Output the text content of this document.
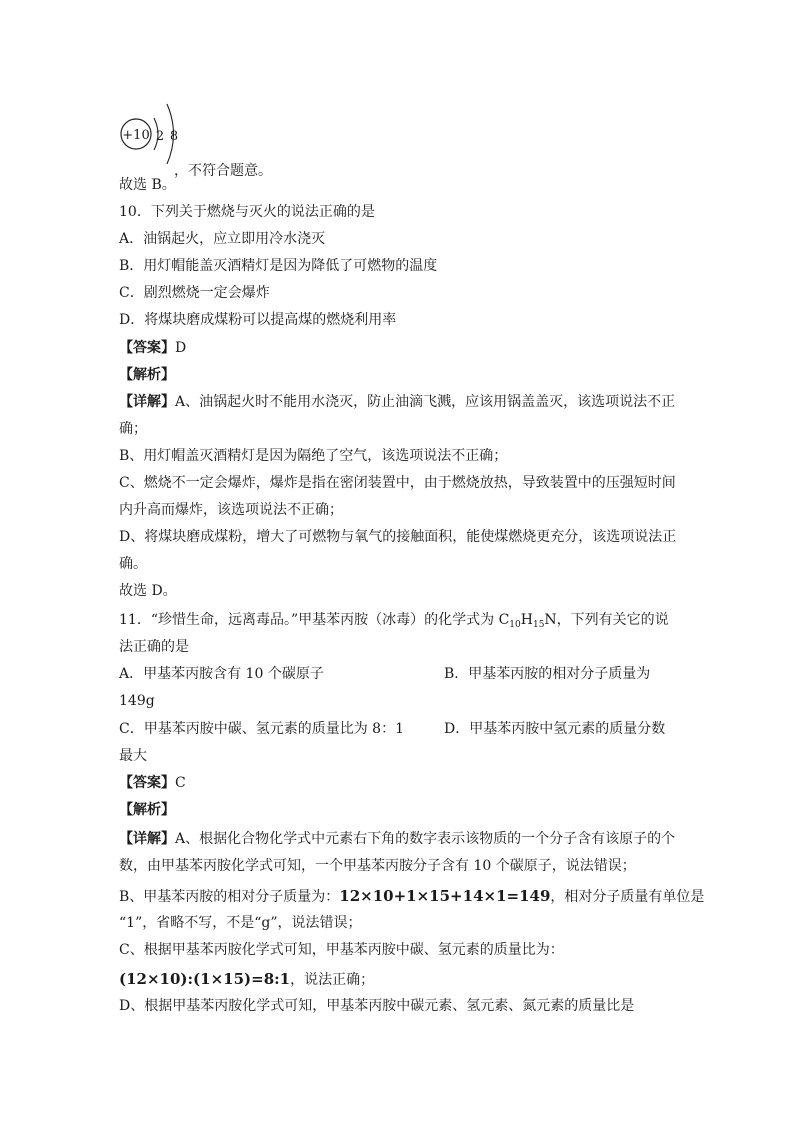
+10 2 8
，不符合题意。
故选 B。
10．下列关于燃烧与灭火的说法正确的是
A．油锅起火，应立即用冷水浇灭
B．用灯帽能盖灭酒精灯是因为降低了可燃物的温度
C．剧烈燃烧一定会爆炸
D．将煤块磨成煤粉可以提高煤的燃烧利用率
【答案】D
【解析】
【详解】A、油锅起火时不能用水浇灭，防止油滴飞溅，应该用锅盖盖灭，该选项说法不正
确；
B、用灯帽盖灭酒精灯是因为隔绝了空气，该选项说法不正确；
C、燃烧不一定会爆炸，爆炸是指在密闭装置中，由于燃烧放热，导致装置中的压强短时间
内升高而爆炸，该选项说法不正确；
D、将煤块磨成煤粉，增大了可燃物与氧气的接触面积，能使煤燃烧更充分，该选项说法正
确。
故选 D。
11．“珍惜生命，远离毒品。”甲基苯丙胺（冰毒）的化学式为 $C_{10}H_{15}N$，下列有关它的说
法正确的是
A．甲基苯丙胺含有 10 个碳原子	B．甲基苯丙胺的相对分子质量为
149g
C．甲基苯丙胺中碳、氢元素的质量比为 8：1	D．甲基苯丙胺中氢元素的质量分数
最大
【答案】C
【解析】
【详解】A、根据化合物化学式中元素右下角的数字表示该物质的一个分子含有该原子的个
数，由甲基苯丙胺化学式可知，一个甲基苯丙胺分子含有 10 个碳原子，说法错误；
B、甲基苯丙胺的相对分子质量为：12×10+1×15+14×1=149，相对分子质量有单位是
“1”，省略不写，不是“g”，说法错误；
C、根据甲基苯丙胺化学式可知，甲基苯丙胺中碳、氢元素的质量比为：
(12×10):(1×15)=8:1，说法正确；
D、根据甲基苯丙胺化学式可知，甲基苯丙胺中碳元素、氢元素、氮元素的质量比是
